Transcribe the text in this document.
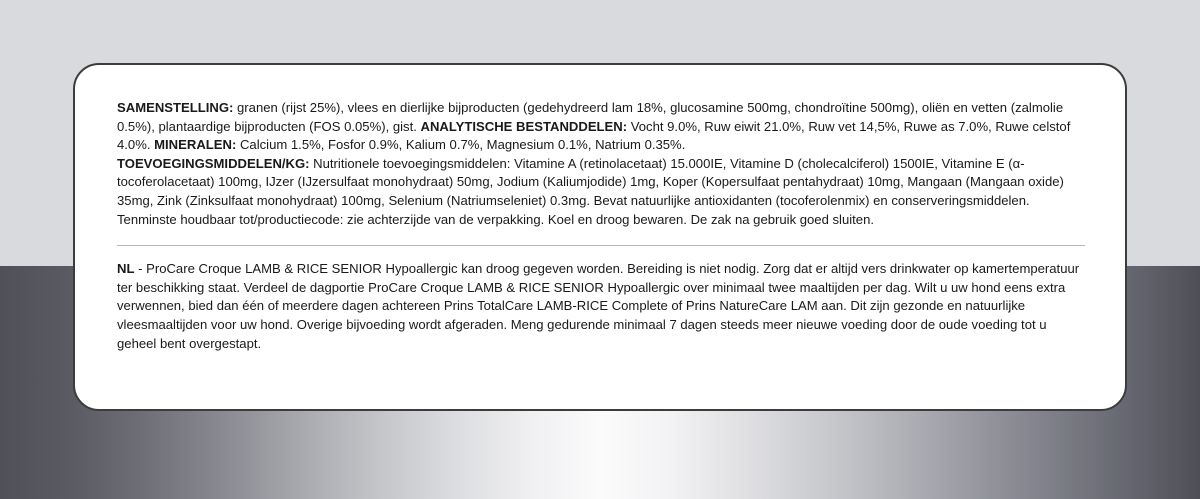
SAMENSTELLING: granen (rijst 25%), vlees en dierlijke bijproducten (gedehydreerd lam 18%, glucosamine 500mg, chondroïtine 500mg), oliën en vetten (zalmolie 0.5%), plantaardige bijproducten (FOS 0.05%), gist. ANALYTISCHE BESTANDDELEN: Vocht 9.0%, Ruw eiwit 21.0%, Ruw vet 14,5%, Ruwe as 7.0%, Ruwe celstof 4.0%. MINERALEN: Calcium 1.5%, Fosfor 0.9%, Kalium 0.7%, Magnesium 0.1%, Natrium 0.35%.

TOEVOEGINGSMIDDELEN/KG: Nutritionele toevoegingsmiddelen: Vitamine A (retinolacetaat) 15.000IE, Vitamine D (cholecalciferol) 1500IE, Vitamine E (α-tocoferolacetaat) 100mg, IJzer (IJzersulfaat monohydraat) 50mg, Jodium (Kaliumjodide) 1mg, Koper (Kopersulfaat pentahydraat) 10mg, Mangaan (Mangaan oxide) 35mg, Zink (Zinksulfaat monohydraat) 100mg, Selenium (Natriumseleniet) 0.3mg. Bevat natuurlijke antioxidanten (tocoferolenmix) en conserveringsmiddelen. Tenminste houdbaar tot/productiecode: zie achterzijde van de verpakking. Koel en droog bewaren. De zak na gebruik goed sluiten.

NL - ProCare Croque LAMB & RICE SENIOR Hypoallergic kan droog gegeven worden. Bereiding is niet nodig. Zorg dat er altijd vers drinkwater op kamertemperatuur ter beschikking staat. Verdeel de dagportie ProCare Croque LAMB & RICE SENIOR Hypoallergic over minimaal twee maaltijden per dag. Wilt u uw hond eens extra verwennen, bied dan één of meerdere dagen achtereen Prins TotalCare LAMB-RICE Complete of Prins NatureCare LAM aan. Dit zijn gezonde en natuurlijke vleesmaaltijden voor uw hond. Overige bijvoeding wordt afgeraden. Meng gedurende minimaal 7 dagen steeds meer nieuwe voeding door de oude voeding tot u geheel bent overgestapt.
